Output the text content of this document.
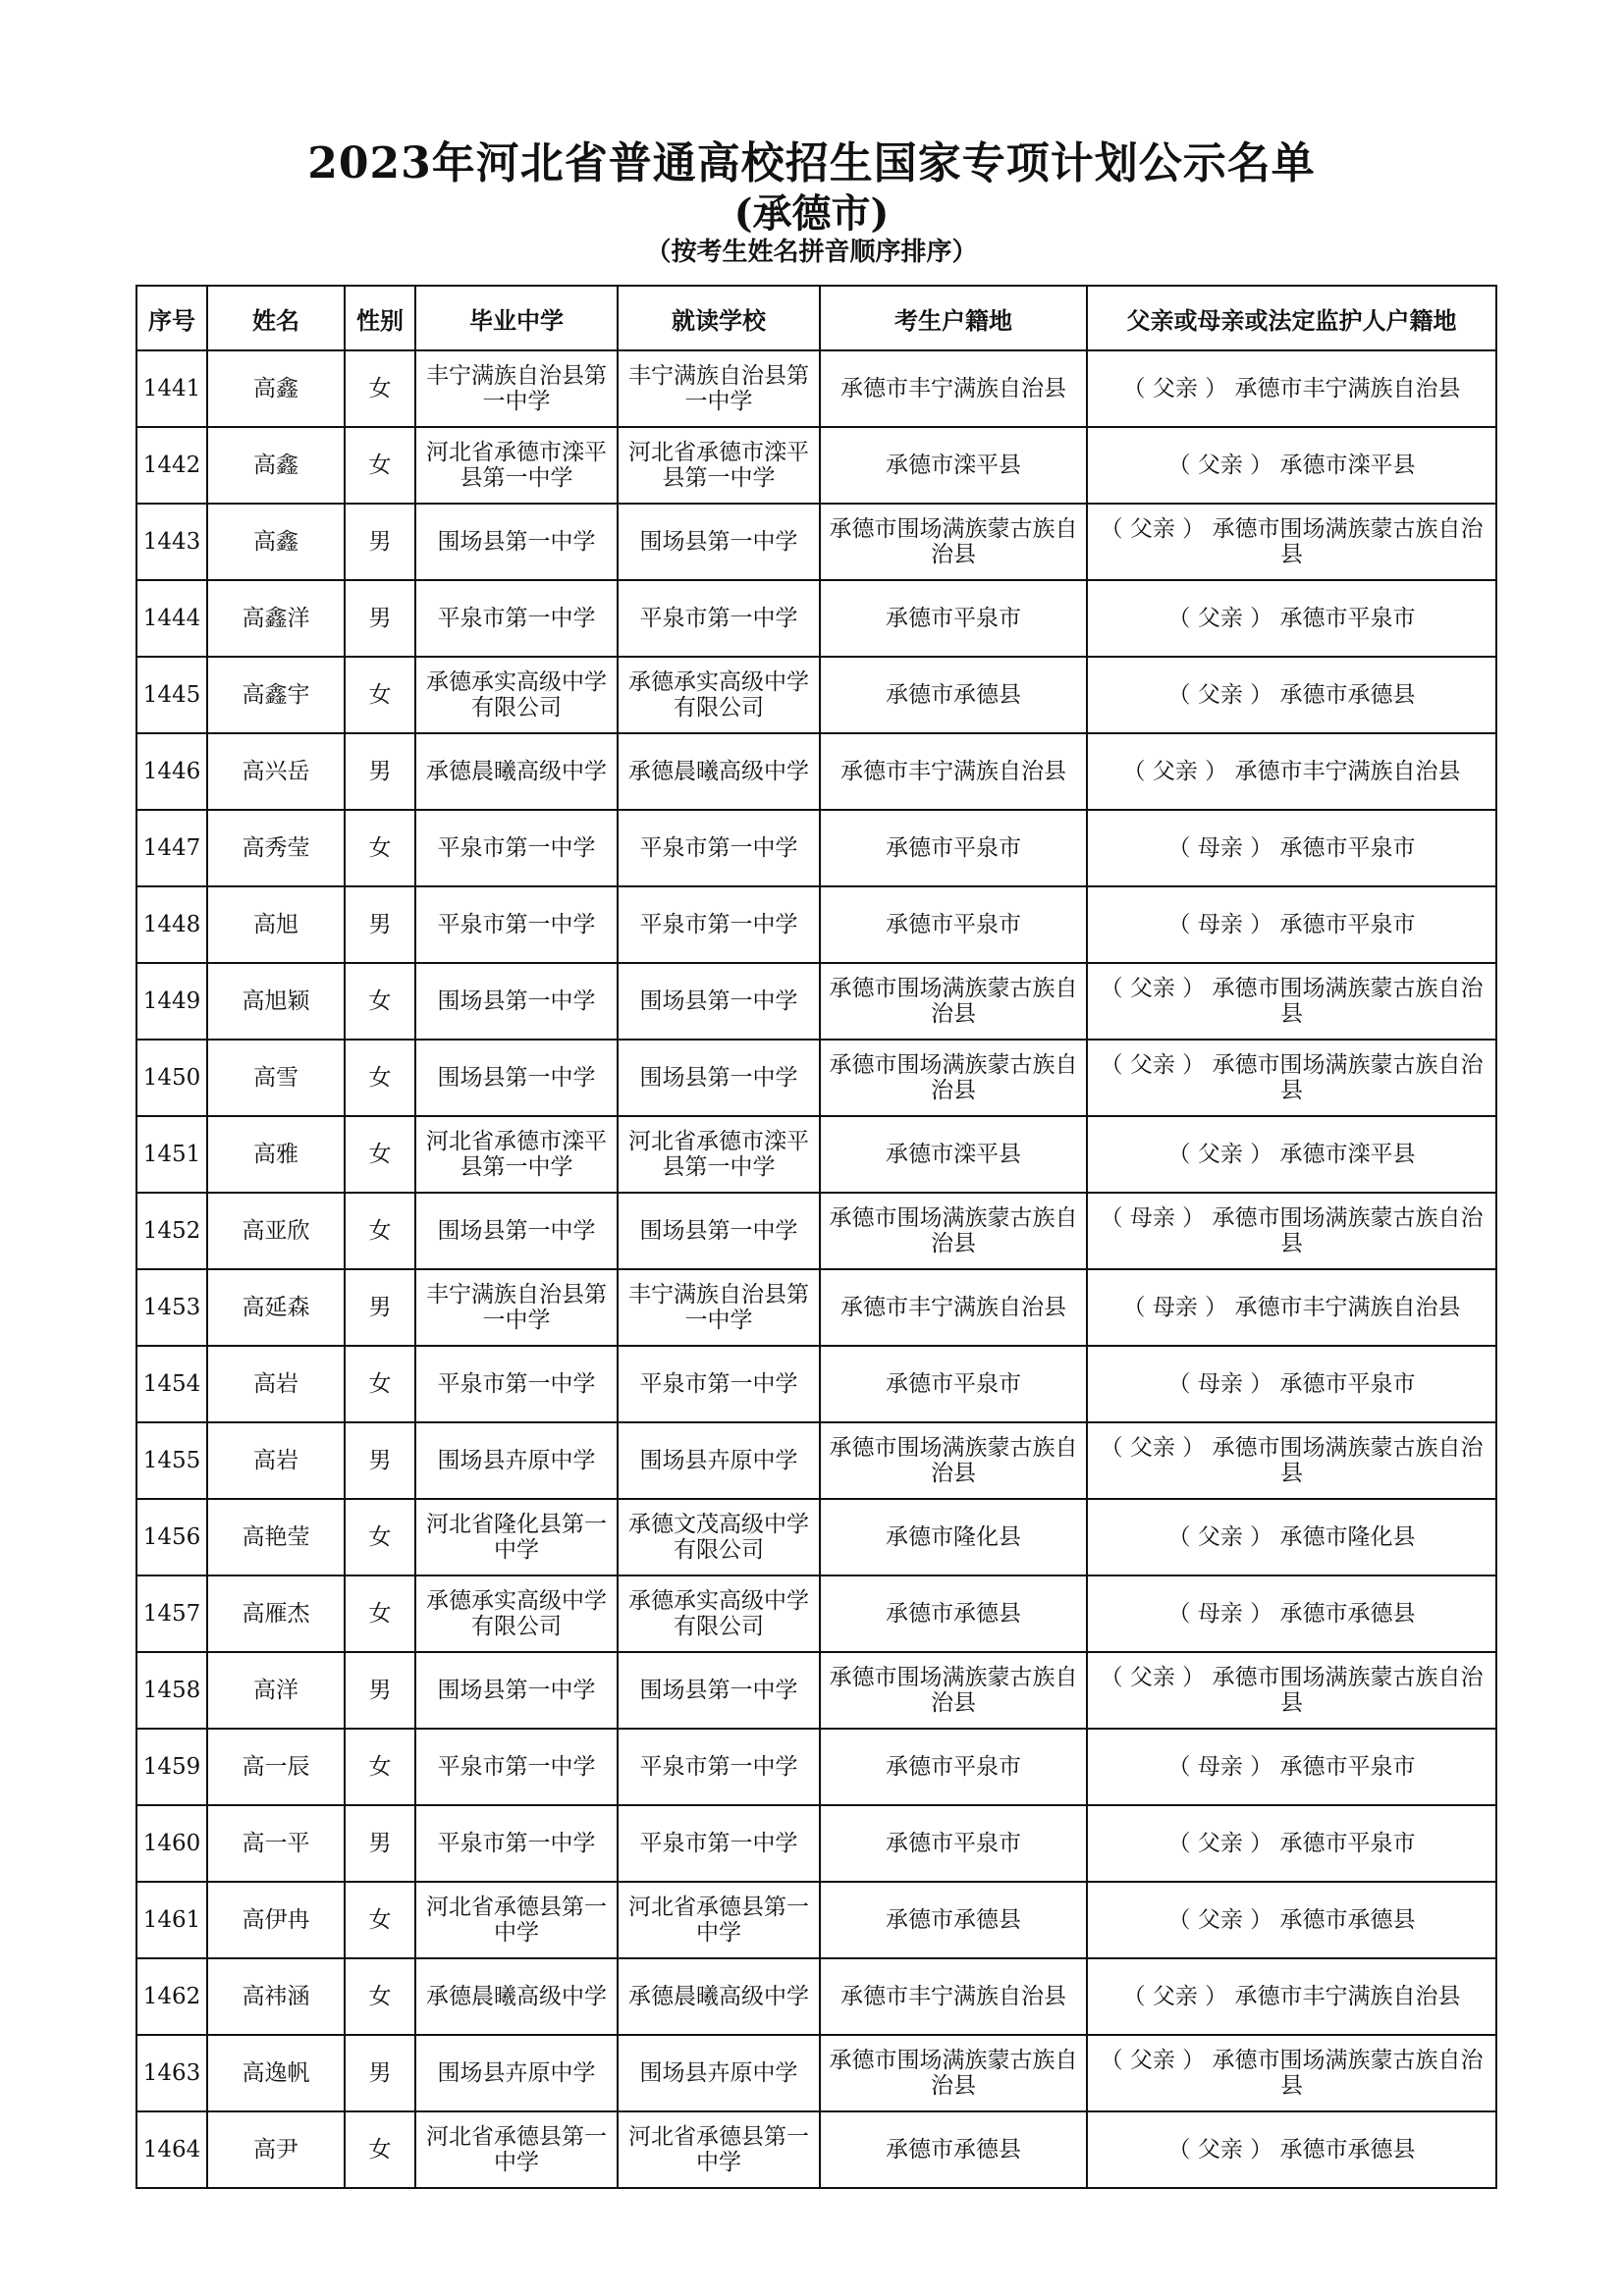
2023年河北省普通高校招生国家专项计划公示名单
(承德市)
（按考生姓名拼音顺序排序）
序号	姓名	性别	毕业中学	就读学校	考生户籍地	父亲或母亲或法定监护人户籍地
1441	高鑫	女	丰宁满族自治县第一中学	丰宁满族自治县第一中学	承德市丰宁满族自治县	（ 父亲 ） 承德市丰宁满族自治县
1442	高鑫	女	河北省承德市滦平县第一中学	河北省承德市滦平县第一中学	承德市滦平县	（ 父亲 ） 承德市滦平县
1443	高鑫	男	围场县第一中学	围场县第一中学	承德市围场满族蒙古族自治县	（ 父亲 ） 承德市围场满族蒙古族自治县
1444	高鑫洋	男	平泉市第一中学	平泉市第一中学	承德市平泉市	（ 父亲 ） 承德市平泉市
1445	高鑫宇	女	承德承实高级中学有限公司	承德承实高级中学有限公司	承德市承德县	（ 父亲 ） 承德市承德县
1446	高兴岳	男	承德晨曦高级中学	承德晨曦高级中学	承德市丰宁满族自治县	（ 父亲 ） 承德市丰宁满族自治县
1447	高秀莹	女	平泉市第一中学	平泉市第一中学	承德市平泉市	（ 母亲 ） 承德市平泉市
1448	高旭	男	平泉市第一中学	平泉市第一中学	承德市平泉市	（ 母亲 ） 承德市平泉市
1449	高旭颖	女	围场县第一中学	围场县第一中学	承德市围场满族蒙古族自治县	（ 父亲 ） 承德市围场满族蒙古族自治县
1450	高雪	女	围场县第一中学	围场县第一中学	承德市围场满族蒙古族自治县	（ 父亲 ） 承德市围场满族蒙古族自治县
1451	高雅	女	河北省承德市滦平县第一中学	河北省承德市滦平县第一中学	承德市滦平县	（ 父亲 ） 承德市滦平县
1452	高亚欣	女	围场县第一中学	围场县第一中学	承德市围场满族蒙古族自治县	（ 母亲 ） 承德市围场满族蒙古族自治县
1453	高延森	男	丰宁满族自治县第一中学	丰宁满族自治县第一中学	承德市丰宁满族自治县	（ 母亲 ） 承德市丰宁满族自治县
1454	高岩	女	平泉市第一中学	平泉市第一中学	承德市平泉市	（ 母亲 ） 承德市平泉市
1455	高岩	男	围场县卉原中学	围场县卉原中学	承德市围场满族蒙古族自治县	（ 父亲 ） 承德市围场满族蒙古族自治县
1456	高艳莹	女	河北省隆化县第一中学	承德文茂高级中学有限公司	承德市隆化县	（ 父亲 ） 承德市隆化县
1457	高雁杰	女	承德承实高级中学有限公司	承德承实高级中学有限公司	承德市承德县	（ 母亲 ） 承德市承德县
1458	高洋	男	围场县第一中学	围场县第一中学	承德市围场满族蒙古族自治县	（ 父亲 ） 承德市围场满族蒙古族自治县
1459	高一辰	女	平泉市第一中学	平泉市第一中学	承德市平泉市	（ 母亲 ） 承德市平泉市
1460	高一平	男	平泉市第一中学	平泉市第一中学	承德市平泉市	（ 父亲 ） 承德市平泉市
1461	高伊冉	女	河北省承德县第一中学	河北省承德县第一中学	承德市承德县	（ 父亲 ） 承德市承德县
1462	高祎涵	女	承德晨曦高级中学	承德晨曦高级中学	承德市丰宁满族自治县	（ 父亲 ） 承德市丰宁满族自治县
1463	高逸帆	男	围场县卉原中学	围场县卉原中学	承德市围场满族蒙古族自治县	（ 父亲 ） 承德市围场满族蒙古族自治县
1464	高尹	女	河北省承德县第一中学	河北省承德县第一中学	承德市承德县	（ 父亲 ） 承德市承德县
